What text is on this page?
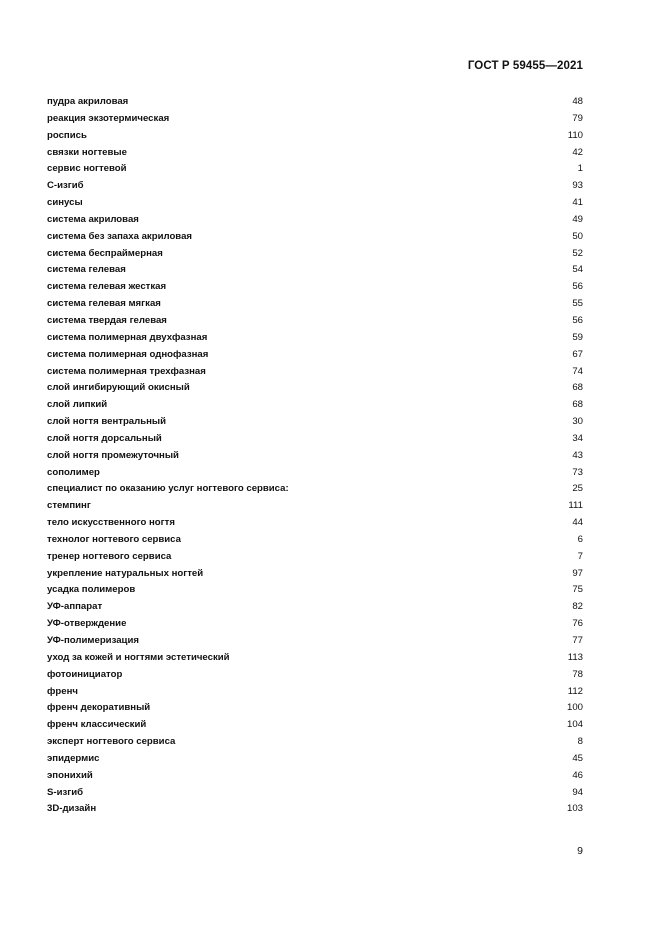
ГОСТ Р 59455—2021
пудра акриловая	48
реакция экзотермическая	79
роспись	110
связки ногтевые	42
сервис ногтевой	1
С-изгиб	93
синусы	41
система акриловая	49
система без запаха акриловая	50
система беспраймерная	52
система гелевая	54
система гелевая жесткая	56
система гелевая мягкая	55
система твердая гелевая	56
система полимерная двухфазная	59
система полимерная однофазная	67
система полимерная трехфазная	74
слой ингибирующий окисный	68
слой липкий	68
слой ногтя вентральный	30
слой ногтя дорсальный	34
слой ногтя промежуточный	43
сополимер	73
специалист по оказанию услуг ногтевого сервиса:	25
стемпинг	111
тело искусственного ногтя	44
технолог ногтевого сервиса	6
тренер ногтевого сервиса	7
укрепление натуральных ногтей	97
усадка полимеров	75
УФ-аппарат	82
УФ-отверждение	76
УФ-полимеризация	77
уход за кожей и ногтями эстетический	113
фотоинициатор	78
френч	112
френч декоративный	100
френч классический	104
эксперт ногтевого сервиса	8
эпидермис	45
эпонихий	46
S-изгиб	94
3D-дизайн	103
9
